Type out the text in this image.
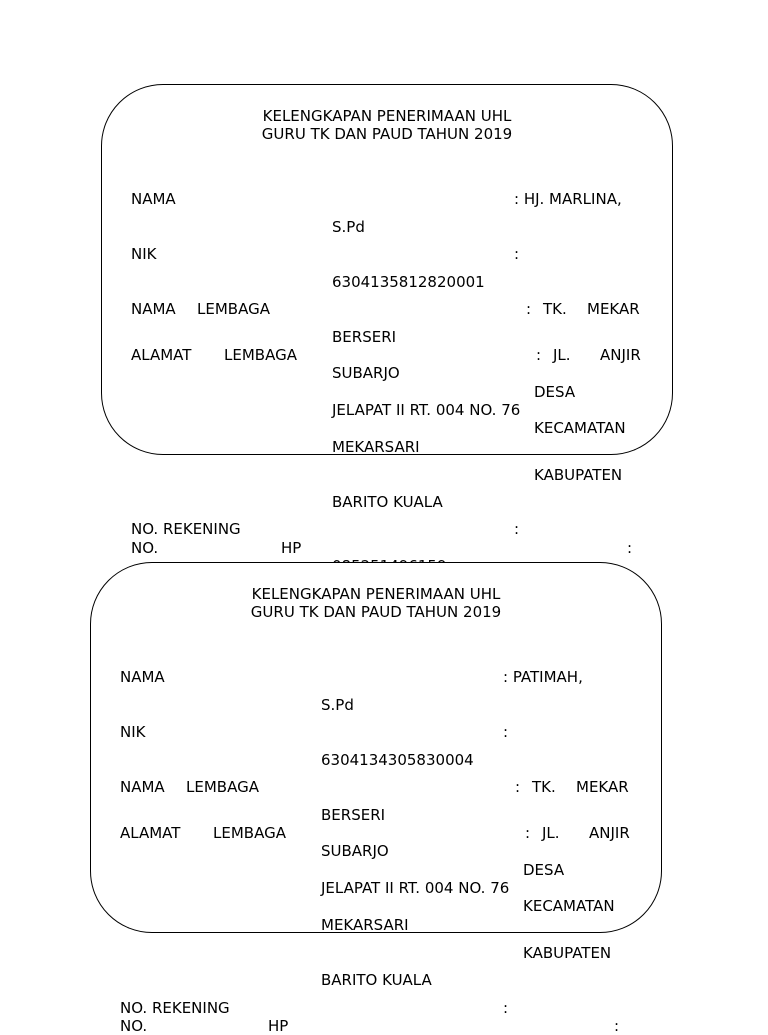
KELENGKAPAN PENERIMAAN UHL
GURU TK DAN PAUD TAHUN 2019
NAMA	: HJ. MARLINA,
S.Pd
NIK	:
6304135812820001
NAMA LEMBAGA	: TK. MEKAR
BERSERI
ALAMAT LEMBAGA	: JL. ANJIR
SUBARJO
DESA
JELAPAT II RT. 004 NO. 76
KECAMATAN
MEKARSARI
KABUPATEN
BARITO KUALA
NO. REKENING	:
NO.	HP	:
KELENGKAPAN PENERIMAAN UHL
GURU TK DAN PAUD TAHUN 2019
NAMA	: PATIMAH,
S.Pd
NIK	:
6304134305830004
NAMA LEMBAGA	: TK. MEKAR
BERSERI
ALAMAT LEMBAGA	: JL. ANJIR
SUBARJO
DESA
JELAPAT II RT. 004 NO. 76
KECAMATAN
MEKARSARI
KABUPATEN
BARITO KUALA
NO. REKENING	:
NO.	HP	:
